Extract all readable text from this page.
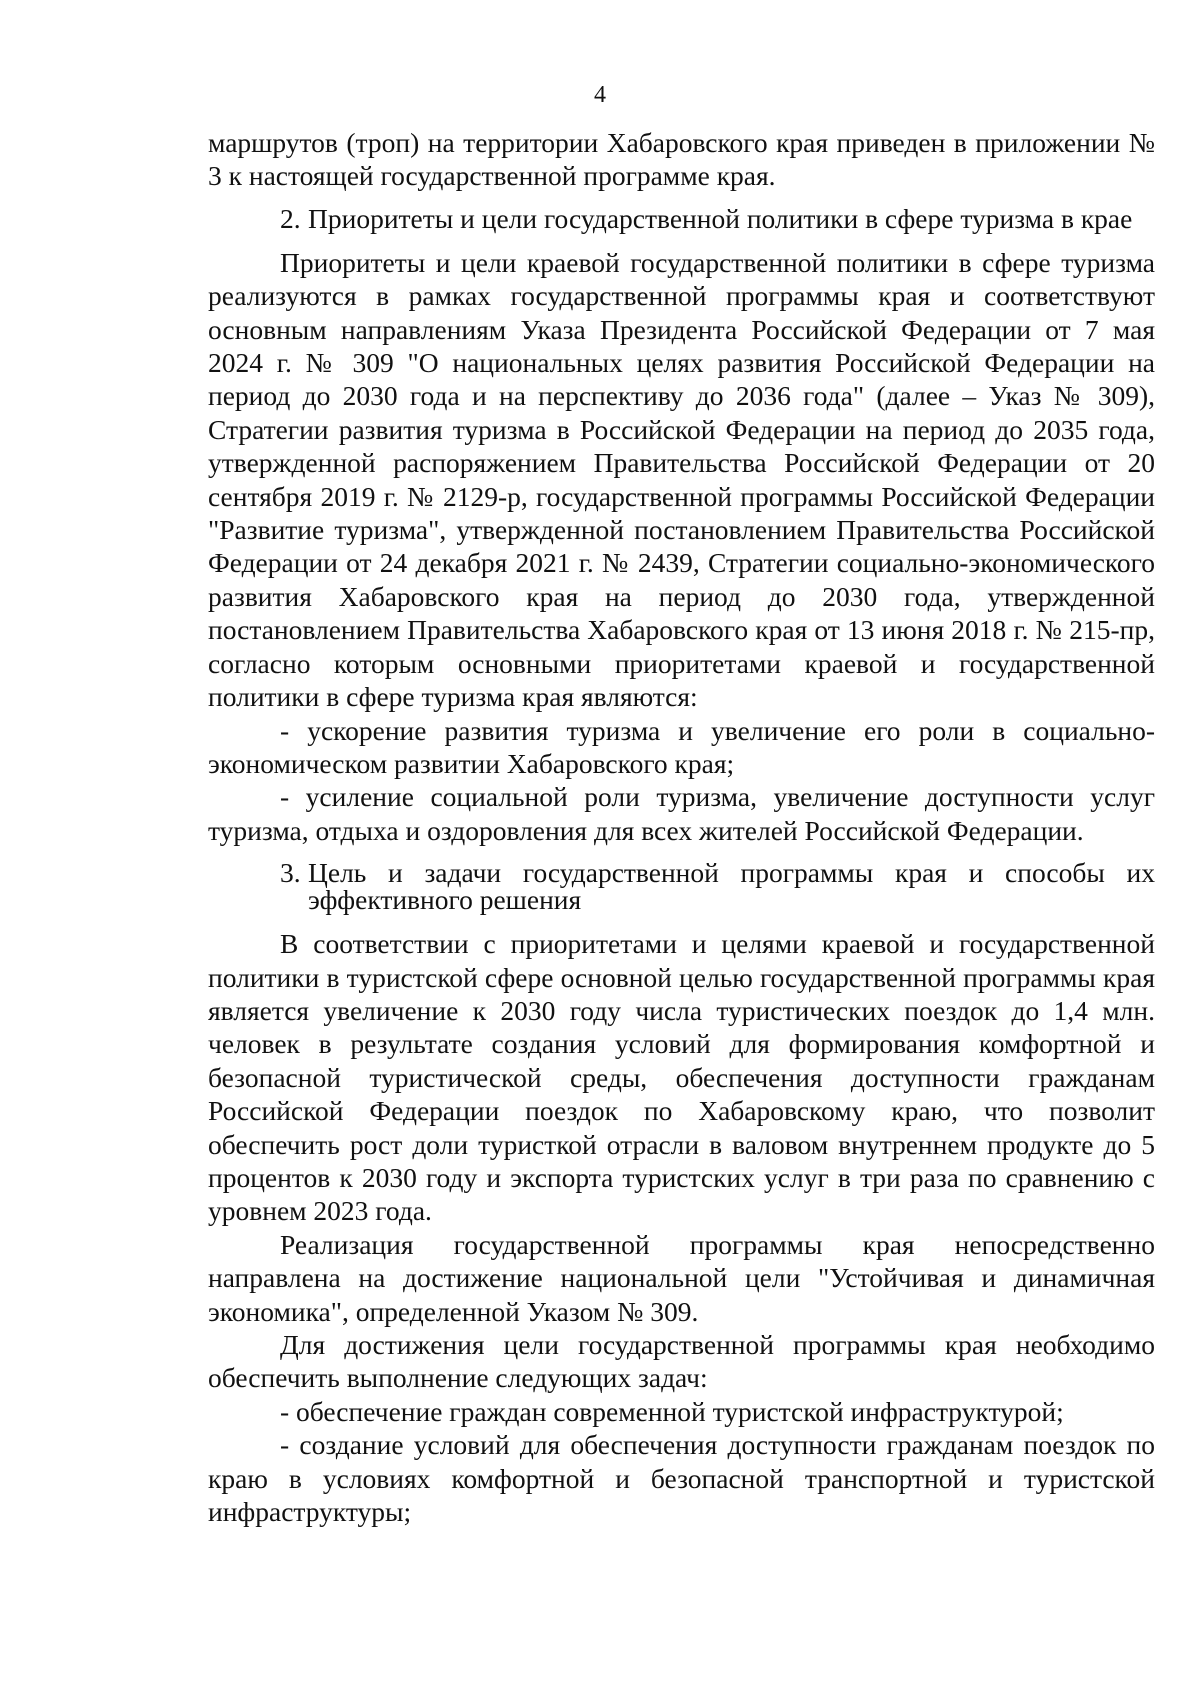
4

маршрутов (троп) на территории Хабаровского края приведен в приложении № 3 к настоящей государственной программе края.

2. Приоритеты и цели государственной политики в сфере туризма в крае

Приоритеты и цели краевой государственной политики в сфере туризма реализуются в рамках государственной программы края и соответствуют основным направлениям Указа Президента Российской Федерации от 7 мая 2024 г. № 309 "О национальных целях развития Российской Федерации на период до 2030 года и на перспективу до 2036 года" (далее – Указ № 309), Стратегии развития туризма в Российской Федерации на период до 2035 года, утвержденной распоряжением Правительства Российской Федерации от 20 сентября 2019 г. № 2129-р, государственной программы Российской Федерации "Развитие туризма", утвержденной постановлением Правительства Российской Федерации от 24 декабря 2021 г. № 2439, Стратегии социально-экономического развития Хабаровского края на период до 2030 года, утвержденной постановлением Правительства Хабаровского края от 13 июня 2018 г. № 215-пр, согласно которым основными приоритетами краевой и государственной политики в сфере туризма края являются:

- ускорение развития туризма и увеличение его роли в социально-экономическом развитии Хабаровского края;

- усиление социальной роли туризма, увеличение доступности услуг туризма, отдыха и оздоровления для всех жителей Российской Федерации.

3. Цель и задачи государственной программы края и способы их эффективного решения

В соответствии с приоритетами и целями краевой и государственной политики в туристской сфере основной целью государственной программы края является увеличение к 2030 году числа туристических поездок до 1,4 млн. человек в результате создания условий для формирования комфортной и безопасной туристической среды, обеспечения доступности гражданам Российской Федерации поездок по Хабаровскому краю, что позволит обеспечить рост доли туристкой отрасли в валовом внутреннем продукте до 5 процентов к 2030 году и экспорта туристских услуг в три раза по сравнению с уровнем 2023 года.

Реализация государственной программы края непосредственно направлена на достижение национальной цели "Устойчивая и динамичная экономика", определенной Указом № 309.

Для достижения цели государственной программы края необходимо обеспечить выполнение следующих задач:

- обеспечение граждан современной туристской инфраструктурой;

- создание условий для обеспечения доступности гражданам поездок по краю в условиях комфортной и безопасной транспортной и туристской инфраструктуры;
